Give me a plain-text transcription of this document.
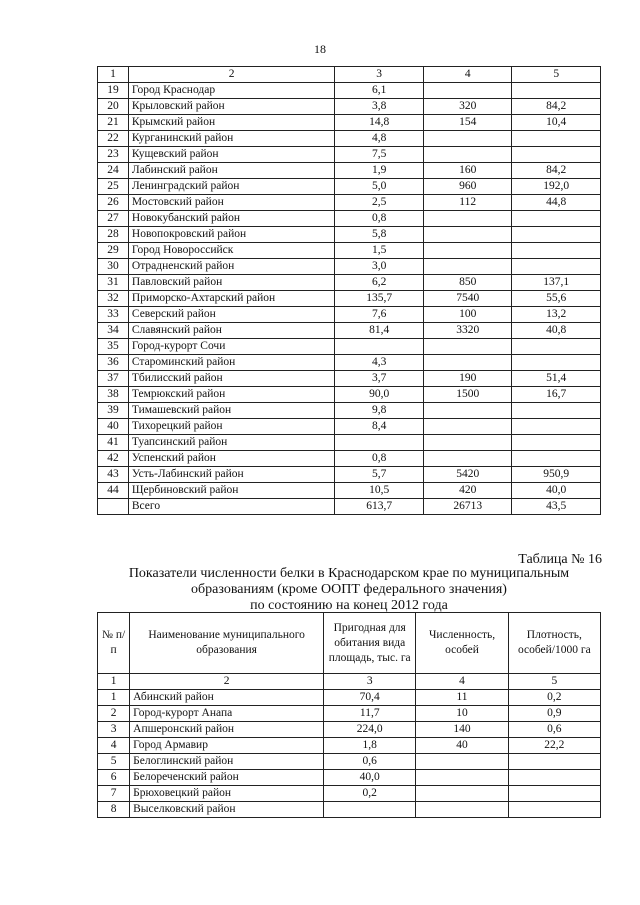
18
1	2	3	4	5
19	Город Краснодар	6,1		
20	Крыловский район	3,8	320	84,2
21	Крымский район	14,8	154	10,4
22	Курганинский район	4,8		
23	Кущевский район	7,5		
24	Лабинский район	1,9	160	84,2
25	Ленинградский район	5,0	960	192,0
26	Мостовский район	2,5	112	44,8
27	Новокубанский район	0,8		
28	Новопокровский район	5,8		
29	Город Новороссийск	1,5		
30	Отрадненский район	3,0		
31	Павловский район	6,2	850	137,1
32	Приморско-Ахтарский район	135,7	7540	55,6
33	Северский район	7,6	100	13,2
34	Славянский район	81,4	3320	40,8
35	Город-курорт Сочи			
36	Староминский район	4,3		
37	Тбилисский район	3,7	190	51,4
38	Темрюкский район	90,0	1500	16,7
39	Тимашевский район	9,8		
40	Тихорецкий район	8,4		
41	Туапсинский район			
42	Успенский район	0,8		
43	Усть-Лабинский район	5,7	5420	950,9
44	Щербиновский район	10,5	420	40,0
	Всего	613,7	26713	43,5
Таблица № 16
Показатели численности белки в Краснодарском крае по муниципальным
образованиям (кроме ООПТ федерального значения)
по состоянию на конец 2012 года
№ п/п	Наименование муниципального образования	Пригодная для обитания вида площадь, тыс. га	Численность, особей	Плотность, особей/1000 га
1	2	3	4	5
1	Абинский район	70,4	11	0,2
2	Город-курорт Анапа	11,7	10	0,9
3	Апшеронский район	224,0	140	0,6
4	Город Армавир	1,8	40	22,2
5	Белоглинский район	0,6		
6	Белореченский район	40,0		
7	Брюховецкий район	0,2		
8	Выселковский район			
